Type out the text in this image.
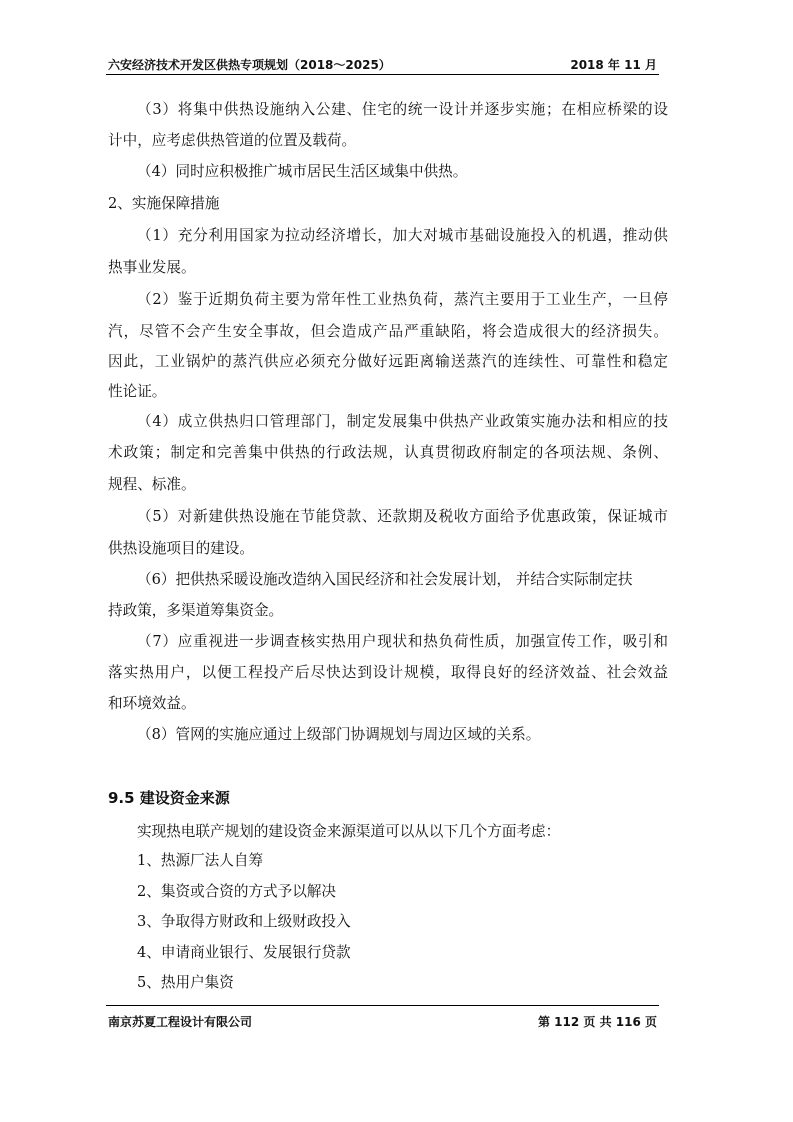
六安经济技术开发区供热专项规划（2018～2025）	2018 年 11 月
（3）将集中供热设施纳入公建、住宅的统一设计并逐步实施；在相应桥梁的设
计中，应考虑供热管道的位置及载荷。
（4）同时应积极推广城市居民生活区域集中供热。
2、实施保障措施
（1）充分利用国家为拉动经济增长，加大对城市基础设施投入的机遇，推动供
热事业发展。
（2）鉴于近期负荷主要为常年性工业热负荷，蒸汽主要用于工业生产，一旦停
汽，尽管不会产生安全事故，但会造成产品严重缺陷，将会造成很大的经济损失。
因此，工业锅炉的蒸汽供应必须充分做好远距离输送蒸汽的连续性、可靠性和稳定
性论证。
（4）成立供热归口管理部门，制定发展集中供热产业政策实施办法和相应的技
术政策；制定和完善集中供热的行政法规，认真贯彻政府制定的各项法规、条例、
规程、标准。
（5）对新建供热设施在节能贷款、还款期及税收方面给予优惠政策，保证城市
供热设施项目的建设。
（6）把供热采暖设施改造纳入国民经济和社会发展计划， 并结合实际制定扶
持政策，多渠道筹集资金。
（7）应重视进一步调查核实热用户现状和热负荷性质，加强宣传工作，吸引和
落实热用户，以便工程投产后尽快达到设计规模，取得良好的经济效益、社会效益
和环境效益。
（8）管网的实施应通过上级部门协调规划与周边区域的关系。
9.5 建设资金来源
实现热电联产规划的建设资金来源渠道可以从以下几个方面考虑：
1、热源厂法人自筹
2、集资或合资的方式予以解决
3、争取得方财政和上级财政投入
4、申请商业银行、发展银行贷款
5、热用户集资
南京苏夏工程设计有限公司	第 112 页 共 116 页
